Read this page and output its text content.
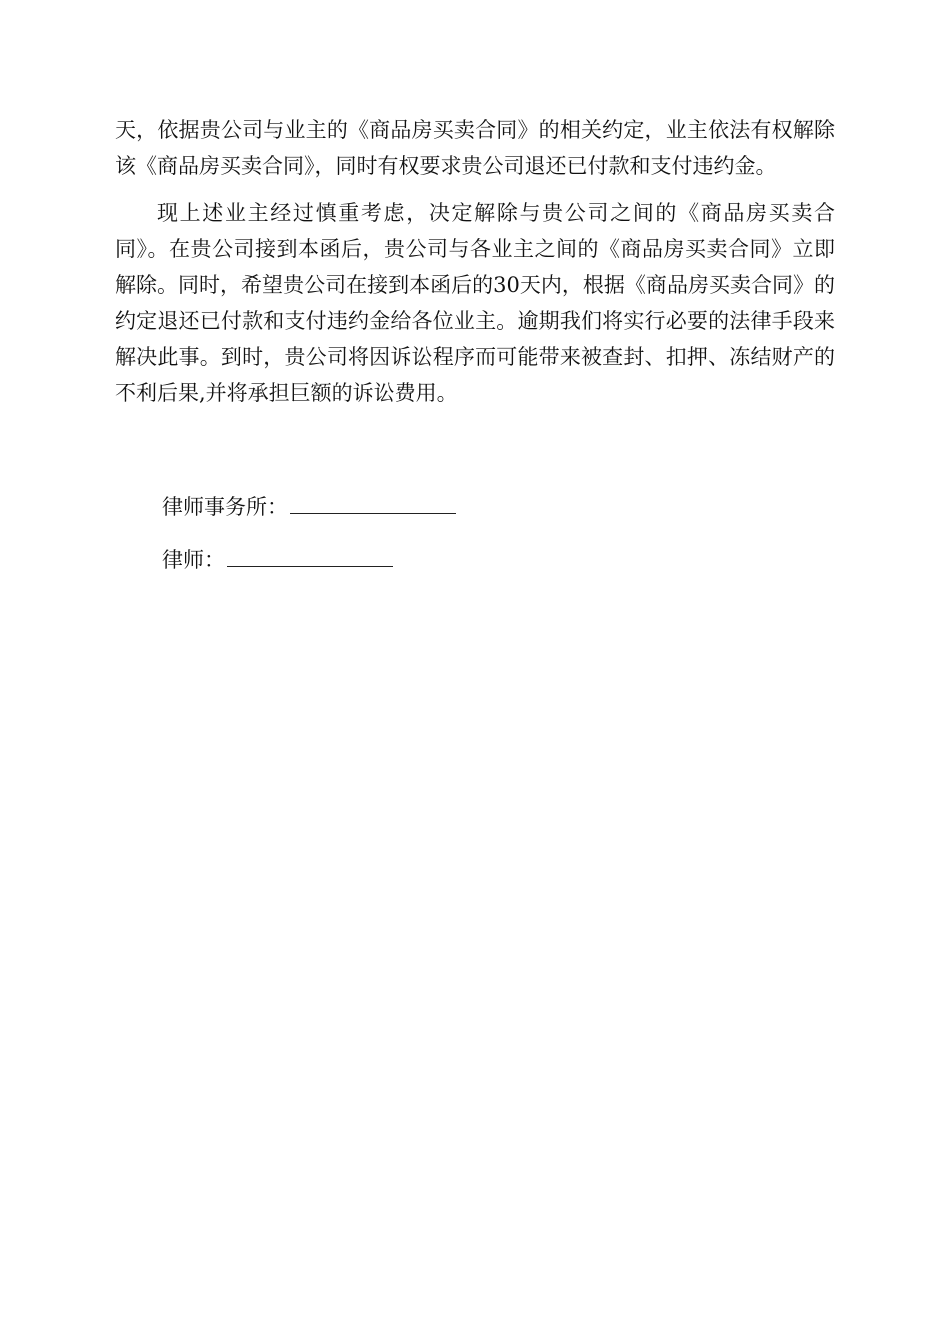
天，依据贵公司与业主的《商品房买卖合同》的相关约定，业主依法有权解除该《商品房买卖合同》，同时有权要求贵公司退还已付款和支付违约金。

现上述业主经过慎重考虑，决定解除与贵公司之间的《商品房买卖合同》。在贵公司接到本函后，贵公司与各业主之间的《商品房买卖合同》立即解除。同时，希望贵公司在接到本函后的30天内，根据《商品房买卖合同》的约定退还已付款和支付违约金给各位业主。逾期我们将实行必要的法律手段来解决此事。到时，贵公司将因诉讼程序而可能带来被查封、扣押、冻结财产的不利后果,并将承担巨额的诉讼费用。

律师事务所：
律师：
